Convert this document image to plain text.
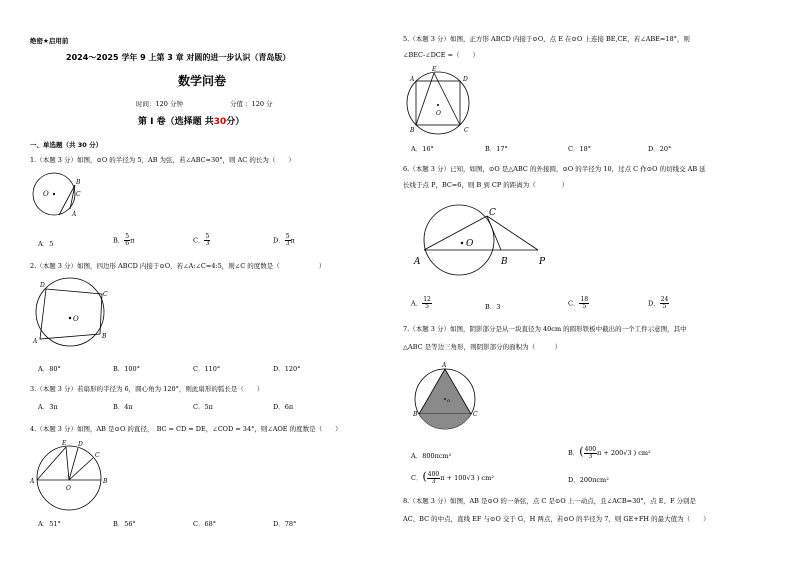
绝密★启用前
2024～2025 学年 9 上第 3 章 对圆的进一步认识（青岛版）
数学问卷
时间：120 分钟	分值 ：120 分
第 I 卷（选择题 共30分）
一、单选题（共 30 分）
1.（本题 3 分）如图，⊙O 的半径为 5，AB 为弦，若∠ABC=30°，则 AC 的长为（　　）
O
B
C
A
A．5	B． $\frac{5}{6}$ π	C． $\frac{5}{3}$	D． $\frac{5}{3}$ π
2.（本题 3 分）如图，四边形 ABCD 内接于⊙O，若∠A:∠C=4:5，则∠C 的度数是（　　　　　　）
O
D
C
B
A
A．80°	B．100°	C．110°	D．120°
3.（本题 3 分）若扇形的半径为 6，圆心角为 120°，则此扇形的弧长是（　　）
A．3π	B．4π	C．5π	D．6π
4.（本题 3 分）如图，AB 是⊙O 的直径，　BC = CD = DE，∠COD = 34°，则∠AOE 的度数是（　　）
E D
C
A	B
O
A．51°	B．56°	C．68°	D．78°
5.（本题 3 分）如图，正方形 ABCD 内接于⊙O，点 E 在⊙O 上连接 BE,CE，若∠ABE=18°，则
∠BEC-∠DCE =（　　）
E
A	D
B	C
O
A．16°	B．17°	C．18°	D．20°
6.（本题 3 分）已知，如图，⊙O 是△ABC 的外接圆，⊙O 的半径为 10，过点 C 作⊙O 的切线交 AB 延
长线于点 P，BC=6，则 B 到 CP 的距离为（　　　　）
O
C
A	B	P
A． $\frac{12}{5}$	B．3	C． $\frac{18}{5}$	D． $\frac{24}{5}$
7.（本题 3 分）如图，阴影部分是从一块直径为 40cm 的圆形铁板中截出的一个工件示意图，其中
△ABC 是等边三角形，则阴影部分的面积为（　　　）
o
A
B	C
A．800πcm²	B．( $\frac{400}{3}$ π + 200√3 ) cm²
C．( $\frac{400}{3}$ π + 100√3 ) cm²	D．200πcm²
8.（本题 3 分）如图，AB 是⊙O 的一条弦，点 C 是⊙O 上一动点，且∠ACB=30°，点 E、F 分别是
AC、BC 的中点，直线 EF 与⊙O 交于 G，H 两点，若⊙O 的半径为 7，则 GE+FH 的最大值为（　　）
